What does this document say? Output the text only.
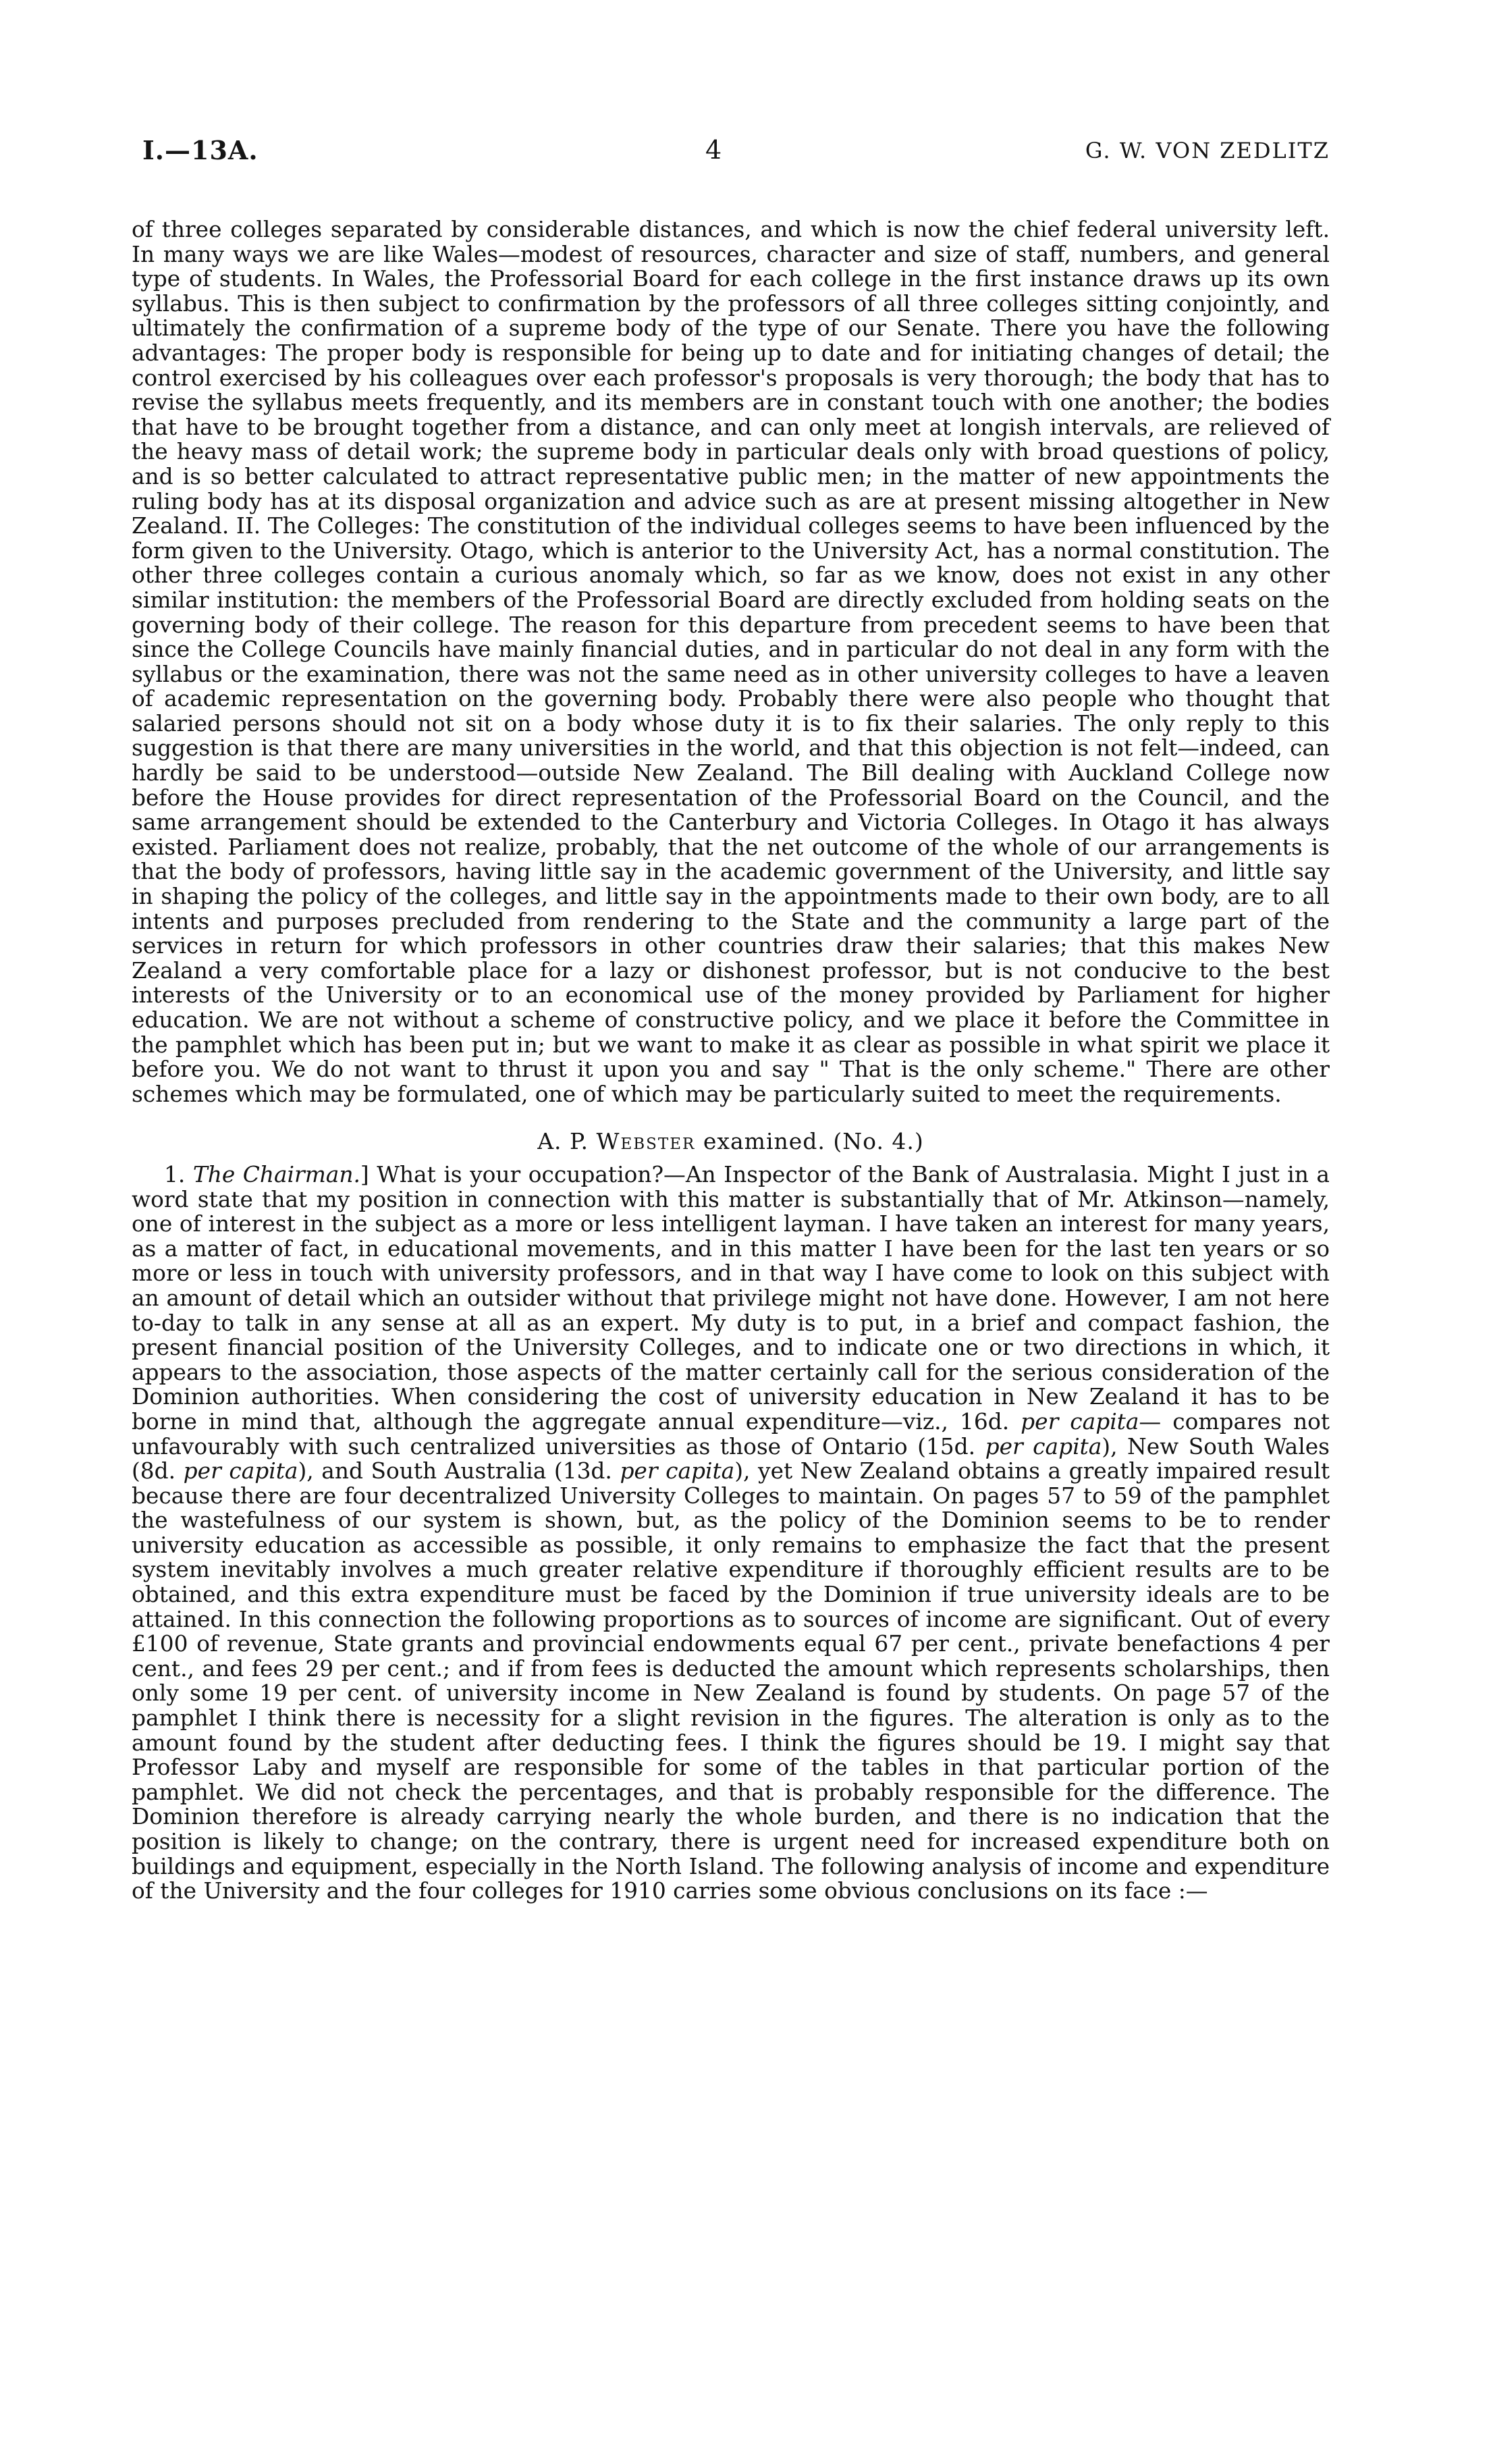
I.—13A.	4	G. W. VON ZEDLITZ

of three colleges separated by considerable distances, and which is now the chief federal university left. In many ways we are like Wales—modest of resources, character and size of staff, numbers, and general type of students. In Wales, the Professorial Board for each college in the first instance draws up its own syllabus. This is then subject to confirmation by the professors of all three colleges sitting conjointly, and ultimately the confirmation of a supreme body of the type of our Senate. There you have the following advantages: The proper body is responsible for being up to date and for initiating changes of detail; the control exercised by his colleagues over each professor's proposals is very thorough; the body that has to revise the syllabus meets frequently, and its members are in constant touch with one another; the bodies that have to be brought together from a distance, and can only meet at longish intervals, are relieved of the heavy mass of detail work; the supreme body in particular deals only with broad questions of policy, and is so better calculated to attract representative public men; in the matter of new appointments the ruling body has at its disposal organization and advice such as are at present missing altogether in New Zealand. II. The Colleges: The constitution of the individual colleges seems to have been influenced by the form given to the University. Otago, which is anterior to the University Act, has a normal constitution. The other three colleges contain a curious anomaly which, so far as we know, does not exist in any other similar institution: the members of the Professorial Board are directly excluded from holding seats on the governing body of their college. The reason for this departure from precedent seems to have been that since the College Councils have mainly financial duties, and in particular do not deal in any form with the syllabus or the examination, there was not the same need as in other university colleges to have a leaven of academic representation on the governing body. Probably there were also people who thought that salaried persons should not sit on a body whose duty it is to fix their salaries. The only reply to this suggestion is that there are many universities in the world, and that this objection is not felt—indeed, can hardly be said to be understood—outside New Zealand. The Bill dealing with Auckland College now before the House provides for direct representation of the Professorial Board on the Council, and the same arrangement should be extended to the Canterbury and Victoria Colleges. In Otago it has always existed. Parliament does not realize, probably, that the net outcome of the whole of our arrangements is that the body of professors, having little say in the academic government of the University, and little say in shaping the policy of the colleges, and little say in the appointments made to their own body, are to all intents and purposes precluded from rendering to the State and the community a large part of the services in return for which professors in other countries draw their salaries; that this makes New Zealand a very comfortable place for a lazy or dishonest professor, but is not conducive to the best interests of the University or to an economical use of the money provided by Parliament for higher education. We are not without a scheme of constructive policy, and we place it before the Committee in the pamphlet which has been put in; but we want to make it as clear as possible in what spirit we place it before you. We do not want to thrust it upon you and say " That is the only scheme." There are other schemes which may be formulated, one of which may be particularly suited to meet the requirements.

A. P. Webster examined. (No. 4.)

1. The Chairman.] What is your occupation?—An Inspector of the Bank of Australasia. Might I just in a word state that my position in connection with this matter is substantially that of Mr. Atkinson—namely, one of interest in the subject as a more or less intelligent layman. I have taken an interest for many years, as a matter of fact, in educational movements, and in this matter I have been for the last ten years or so more or less in touch with university professors, and in that way I have come to look on this subject with an amount of detail which an outsider without that privilege might not have done. However, I am not here to-day to talk in any sense at all as an expert. My duty is to put, in a brief and compact fashion, the present financial position of the University Colleges, and to indicate one or two directions in which, it appears to the association, those aspects of the matter certainly call for the serious consideration of the Dominion authorities. When considering the cost of university education in New Zealand it has to be borne in mind that, although the aggregate annual expenditure—viz., 16d. per capita— compares not unfavourably with such centralized universities as those of Ontario (15d. per capita), New South Wales (8d. per capita), and South Australia (13d. per capita), yet New Zealand obtains a greatly impaired result because there are four decentralized University Colleges to maintain. On pages 57 to 59 of the pamphlet the wastefulness of our system is shown, but, as the policy of the Dominion seems to be to render university education as accessible as possible, it only remains to emphasize the fact that the present system inevitably involves a much greater relative expenditure if thoroughly efficient results are to be obtained, and this extra expenditure must be faced by the Dominion if true university ideals are to be attained. In this connection the following proportions as to sources of income are significant. Out of every £100 of revenue, State grants and provincial endowments equal 67 per cent., private benefactions 4 per cent., and fees 29 per cent.; and if from fees is deducted the amount which represents scholarships, then only some 19 per cent. of university income in New Zealand is found by students. On page 57 of the pamphlet I think there is necessity for a slight revision in the figures. The alteration is only as to the amount found by the student after deducting fees. I think the figures should be 19. I might say that Professor Laby and myself are responsible for some of the tables in that particular portion of the pamphlet. We did not check the percentages, and that is probably responsible for the difference. The Dominion therefore is already carrying nearly the whole burden, and there is no indication that the position is likely to change; on the contrary, there is urgent need for increased expenditure both on buildings and equipment, especially in the North Island. The following analysis of income and expenditure of the University and the four colleges for 1910 carries some obvious conclusions on its face :—
